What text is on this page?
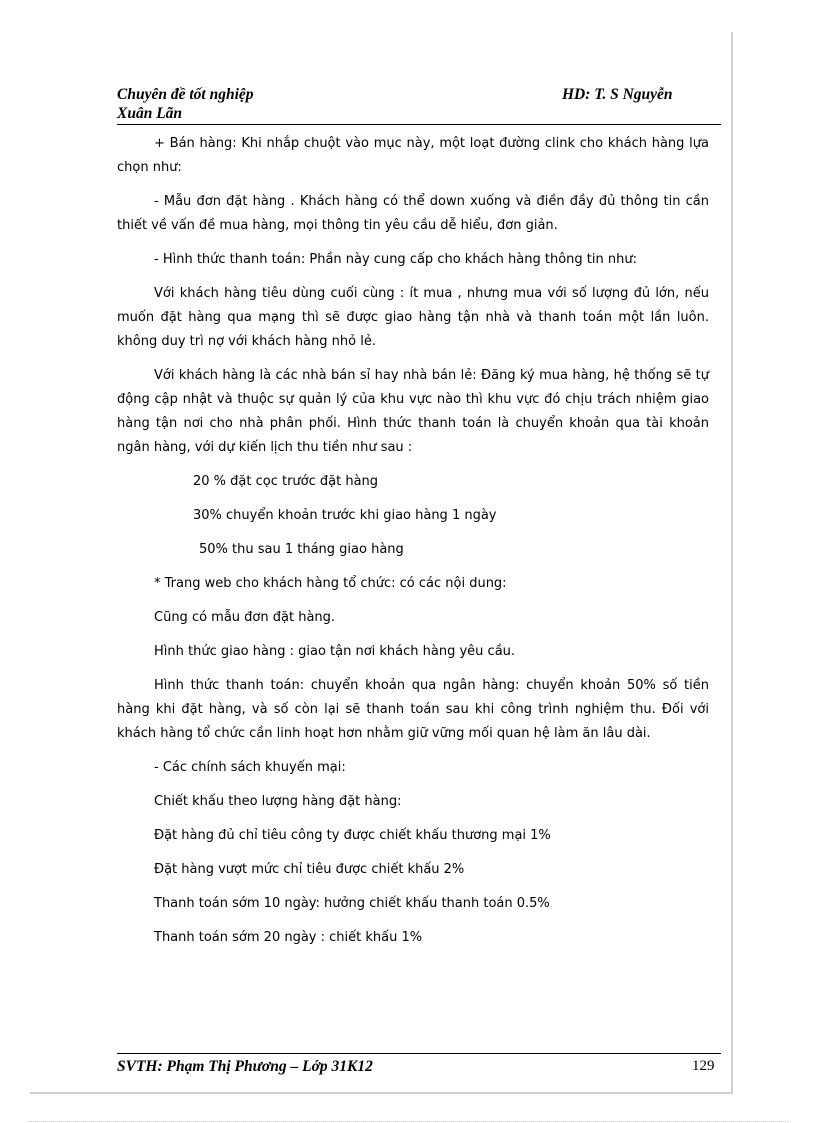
Chuyên đề tốt nghiệp	HD: T. S Nguyễn
Xuân Lãn

+ Bán hàng: Khi nhắp chuột vào mục này, một loạt đường clink cho khách hàng lựa chọn như:

- Mẫu đơn đặt hàng . Khách hàng có thể down xuống và điền đầy đủ thông tin cần thiết về vấn đề mua hàng, mọi thông tin yêu cầu dễ hiểu, đơn giản.

- Hình thức thanh toán: Phần này cung cấp cho khách hàng thông tin như:

Với khách hàng tiêu dùng cuối cùng : ít mua , nhưng mua với số lượng đủ lớn, nếu muốn đặt hàng qua mạng thì sẽ được giao hàng tận nhà và thanh toán một lần luôn. không duy trì nợ với khách hàng nhỏ lẻ.

Với khách hàng là các nhà bán sỉ hay nhà bán lẻ: Đăng ký mua hàng, hệ thống sẽ tự động cập nhật và thuộc sự quản lý của khu vực nào thì khu vực đó chịu trách nhiệm giao hàng tận nơi cho nhà phân phối. Hình thức thanh toán là chuyển khoản qua tài khoản ngân hàng, với dự kiến lịch thu tiền như sau :

20 % đặt cọc trước đặt hàng

30% chuyển khoản trước khi giao hàng 1 ngày

50% thu sau 1 tháng giao hàng

* Trang web cho khách hàng tổ chức: có các nội dung:

Cũng có mẫu đơn đặt hàng.

Hình thức giao hàng : giao tận nơi khách hàng yêu cầu.

Hình thức thanh toán: chuyển khoản qua ngân hàng: chuyển khoản 50% số tiền hàng khi đặt hàng, và số còn lại sẽ thanh toán sau khi công trình nghiệm thu. Đối với khách hàng tổ chức cần linh hoạt hơn nhằm giữ vững mối quan hệ làm ăn lâu dài.

- Các chính sách khuyến mại:

Chiết khấu theo lượng hàng đặt hàng:

Đặt hàng đủ chỉ tiêu công ty được chiết khấu thương mại 1%

Đặt hàng vượt mức chỉ tiêu được chiết khấu 2%

Thanh toán sớm 10 ngày: hưởng chiết khấu thanh toán 0.5%

Thanh toán sớm 20 ngày : chiết khấu 1%

SVTH: Phạm Thị Phương – Lớp 31K12	129
